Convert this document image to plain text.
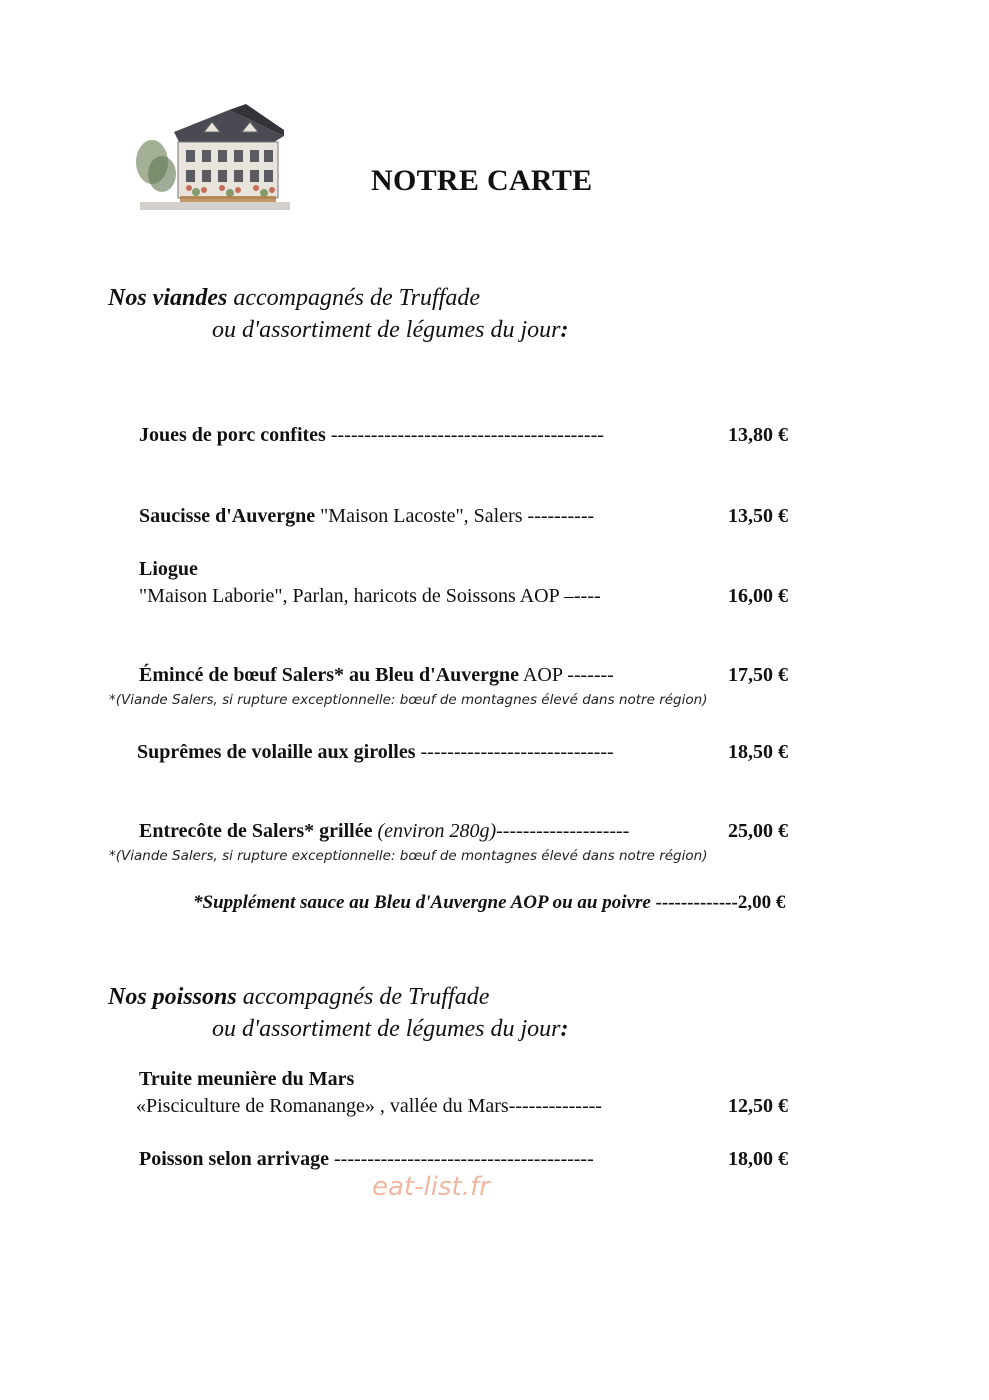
NOTRE CARTE
Nos viandes accompagnés de Truffade
ou d'assortiment de légumes du jour:
Joues de porc confites -----------------------------------------	13,80 €
Saucisse d'Auvergne "Maison Lacoste", Salers ----------	13,50 €
Liogue
"Maison Laborie", Parlan, haricots de Soissons AOP –----	16,00 €
Émincé de bœuf Salers* au Bleu d'Auvergne AOP -------	17,50 €
*(Viande Salers, si rupture exceptionnelle: bœuf de montagnes élevé dans notre région)
Suprêmes de volaille aux girolles -----------------------------	18,50 €
Entrecôte de Salers* grillée (environ 280g)--------------------	25,00 €
*(Viande Salers, si rupture exceptionnelle: bœuf de montagnes élevé dans notre région)
*Supplément sauce au Bleu d'Auvergne AOP ou au poivre -------------2,00 €
Nos poissons accompagnés de Truffade
ou d'assortiment de légumes du jour:
Truite meunière du Mars
«Pisciculture de Romanange» , vallée du Mars--------------	12,50 €
Poisson selon arrivage ---------------------------------------	18,00 €
eat-list.fr
